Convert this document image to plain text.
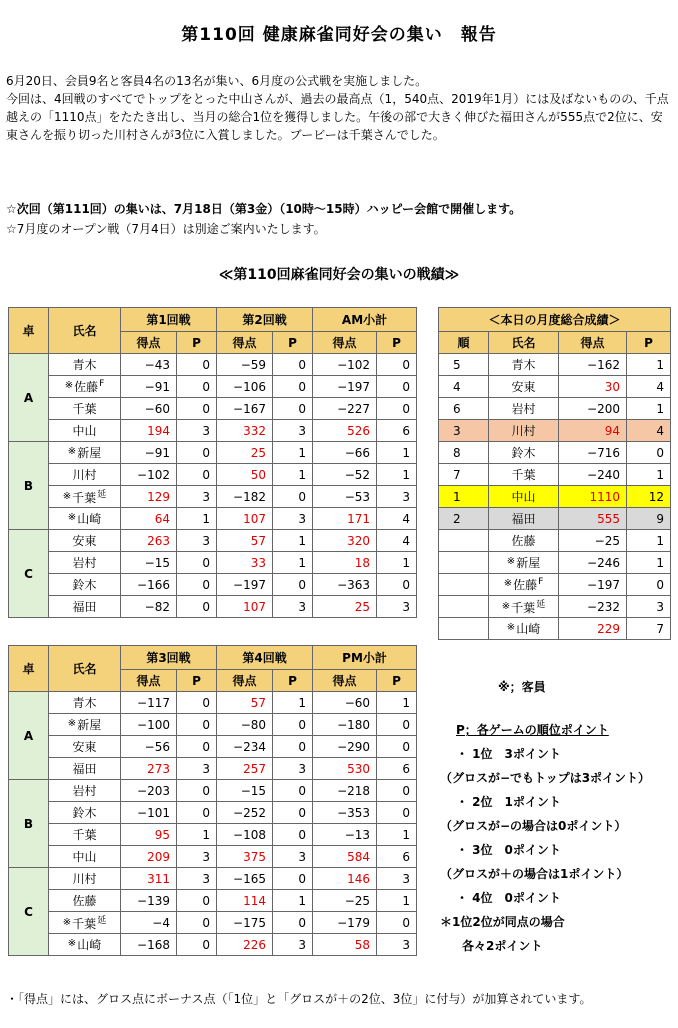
第110回 健康麻雀同好会の集い　報告

6月20日、会員9名と客員4名の13名が集い、6月度の公式戦を実施しました。

今回は、4回戦のすべてでトップをとった中山さんが、過去の最高点（1，540点、2019年1月）には及ばないものの、千点越えの「1110点」をたたき出し、当月の総合1位を獲得しました。午後の部で大きく伸びた福田さんが555点で2位に、安東さんを振り切った川村さんが3位に入賞しました。ブービーは千葉さんでした。

☆次回（第111回）の集いは、7月18日（第3金）（10時〜15時）ハッピー会館で開催します。
☆7月度のオープン戦（7月4日）は別途ご案内いたします。
≪第110回麻雀同好会の集いの戦績≫
卓	氏名	第1回戦		第2回戦		AM小計	
		得点	P	得点	P	得点	P
A	青木	−43	0	−59	0	−102	0
	※佐藤$^F$	−91	0	−106	0	−197	0
	千葉	−60	0	−167	0	−227	0
	中山	194	3	332	3	526	6
B	※新屋	−91	0	25	1	−66	1
	川村	−102	0	50	1	−52	1
	※千葉$^延$	129	3	−182	0	−53	3
	※山崎	64	1	107	3	171	4
C	安東	263	3	57	1	320	4
	岩村	−15	0	33	1	18	1
	鈴木	−166	0	−197	0	−363	0
	福田	−82	0	107	3	25	3
卓	氏名	第3回戦		第4回戦		PM小計	
		得点	P	得点	P	得点	P
A	青木	−117	0	57	1	−60	1
	※新屋	−100	0	−80	0	−180	0
	安東	−56	0	−234	0	−290	0
	福田	273	3	257	3	530	6
B	岩村	−203	0	−15	0	−218	0
	鈴木	−101	0	−252	0	−353	0
	千葉	95	1	−108	0	−13	1
	中山	209	3	375	3	584	6
C	川村	311	3	−165	0	146	3
	佐藤	−139	0	114	1	−25	1
	※千葉$^延$	−4	0	−175	0	−179	0
	※山崎	−168	0	226	3	58	3
＜本日の月度総合成績＞			
順	氏名	得点	P
5	青木	−162	1
4	安東	30	4
6	岩村	−200	1
3	川村	94	4
8	鈴木	−716	0
7	千葉	−240	1
1	中山	1110	12
2	福田	555	9
	佐藤	−25	1
	※新屋	−246	1
	※佐藤$^F$	−197	0
	※千葉$^延$	−232	3
	※山崎	229	7
※；客員
P；各ゲームの順位ポイント
・ 1位　3ポイント
（グロスが−でもトップは3ポイント）
・ 2位　1ポイント
（グロスが−の場合は0ポイント）
・ 3位　0ポイント
（グロスが＋の場合は1ポイント）
・ 4位　0ポイント
＊1位2位が同点の場合
各々2ポイント
・「得点」には、グロス点にボーナス点（「1位」と「グロスが＋の2位、3位」に付与）が加算されています。
